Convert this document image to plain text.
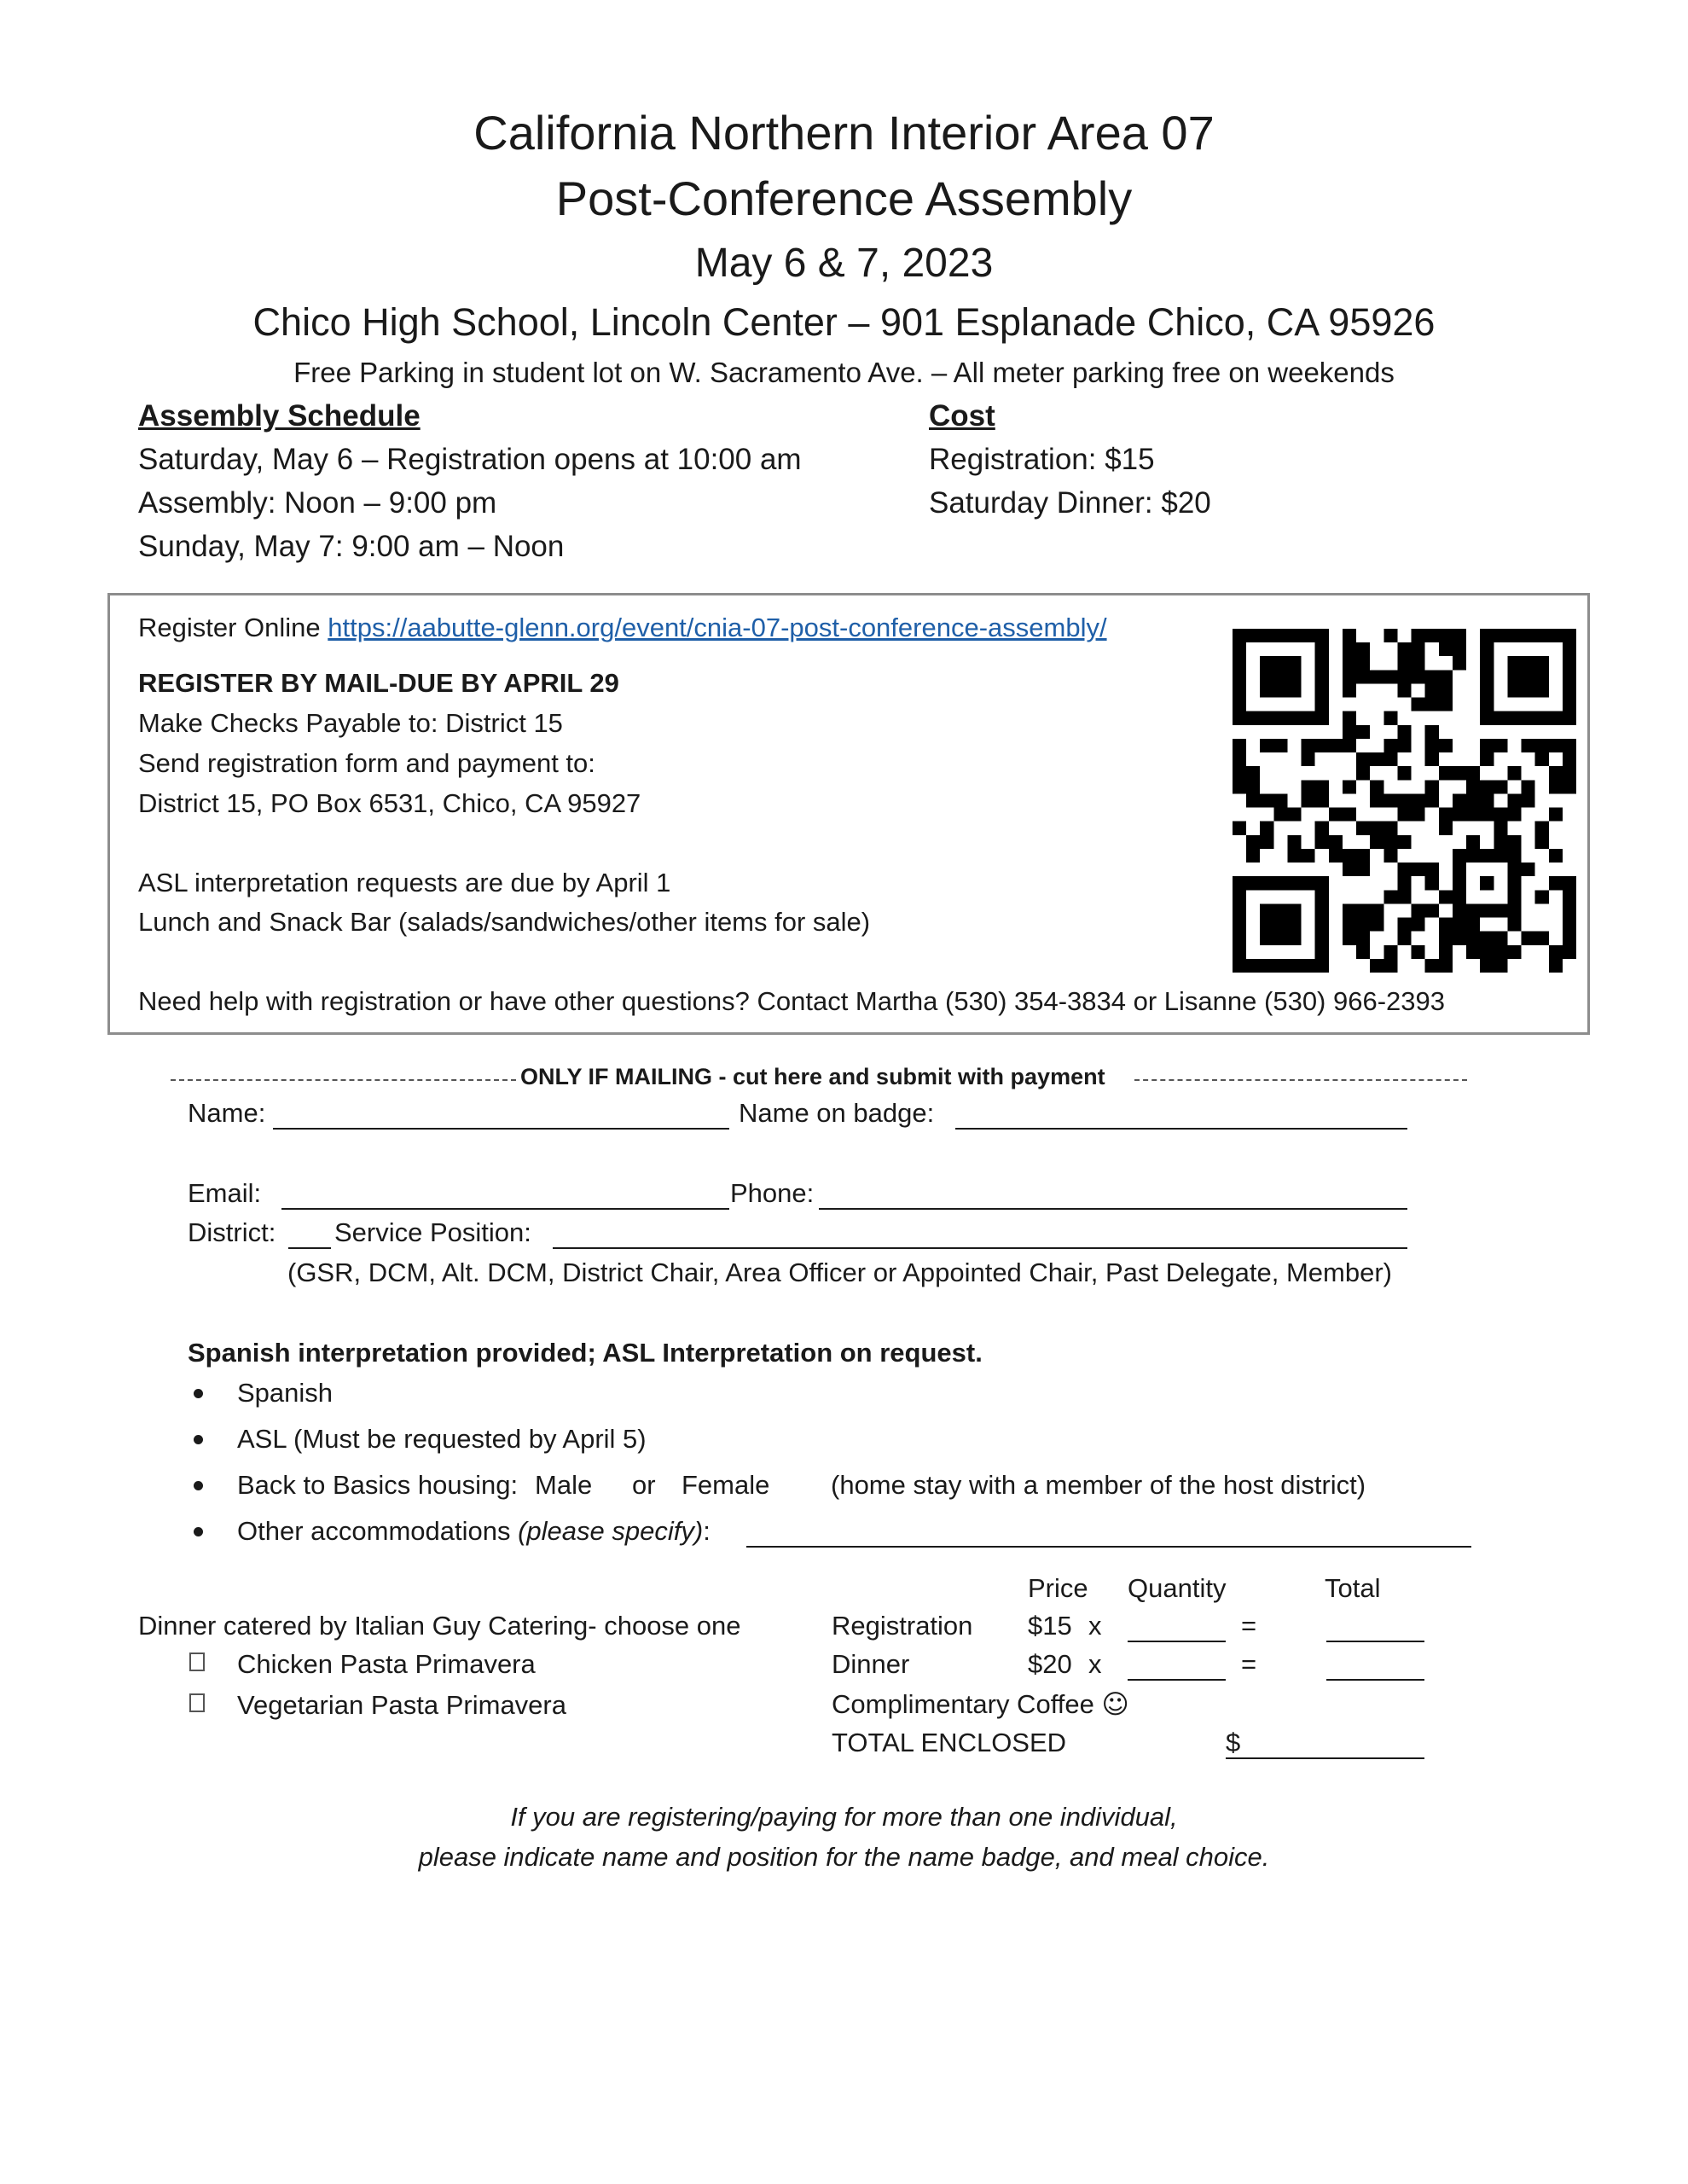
California Northern Interior Area 07
Post-Conference Assembly
May 6 & 7, 2023
Chico High School, Lincoln Center – 901 Esplanade Chico, CA 95926
Free Parking in student lot on W. Sacramento Ave. – All meter parking free on weekends
Assembly Schedule
Saturday, May 6 – Registration opens at 10:00 am
Assembly: Noon – 9:00 pm
Sunday, May 7: 9:00 am – Noon
Cost
Registration: $15
Saturday Dinner: $20
Register Online https://aabutte-glenn.org/event/cnia-07-post-conference-assembly/
REGISTER BY MAIL-DUE BY APRIL 29
Make Checks Payable to: District 15
Send registration form and payment to:
District 15, PO Box 6531, Chico, CA 95927
ASL interpretation requests are due by April 1
Lunch and Snack Bar (salads/sandwiches/other items for sale)
Need help with registration or have other questions? Contact Martha (530) 354-3834 or Lisanne (530) 966-2393
ONLY IF MAILING - cut here and submit with payment
Name:	Name on badge:
Email:	Phone:
District: Service Position:
(GSR, DCM, Alt. DCM, District Chair, Area Officer or Appointed Chair, Past Delegate, Member)
Spanish interpretation provided; ASL Interpretation on request.
Spanish
ASL (Must be requested by April 5)
Back to Basics housing: Male or Female (home stay with a member of the host district)
Other accommodations (please specify):
Dinner catered by Italian Guy Catering- choose one
Chicken Pasta Primavera
Vegetarian Pasta Primavera
Price Quantity	Total
Registration $15 x	=
Dinner	$20 x	=
Complimentary Coffee ☺
TOTAL ENCLOSED	$
If you are registering/paying for more than one individual,
please indicate name and position for the name badge, and meal choice.
